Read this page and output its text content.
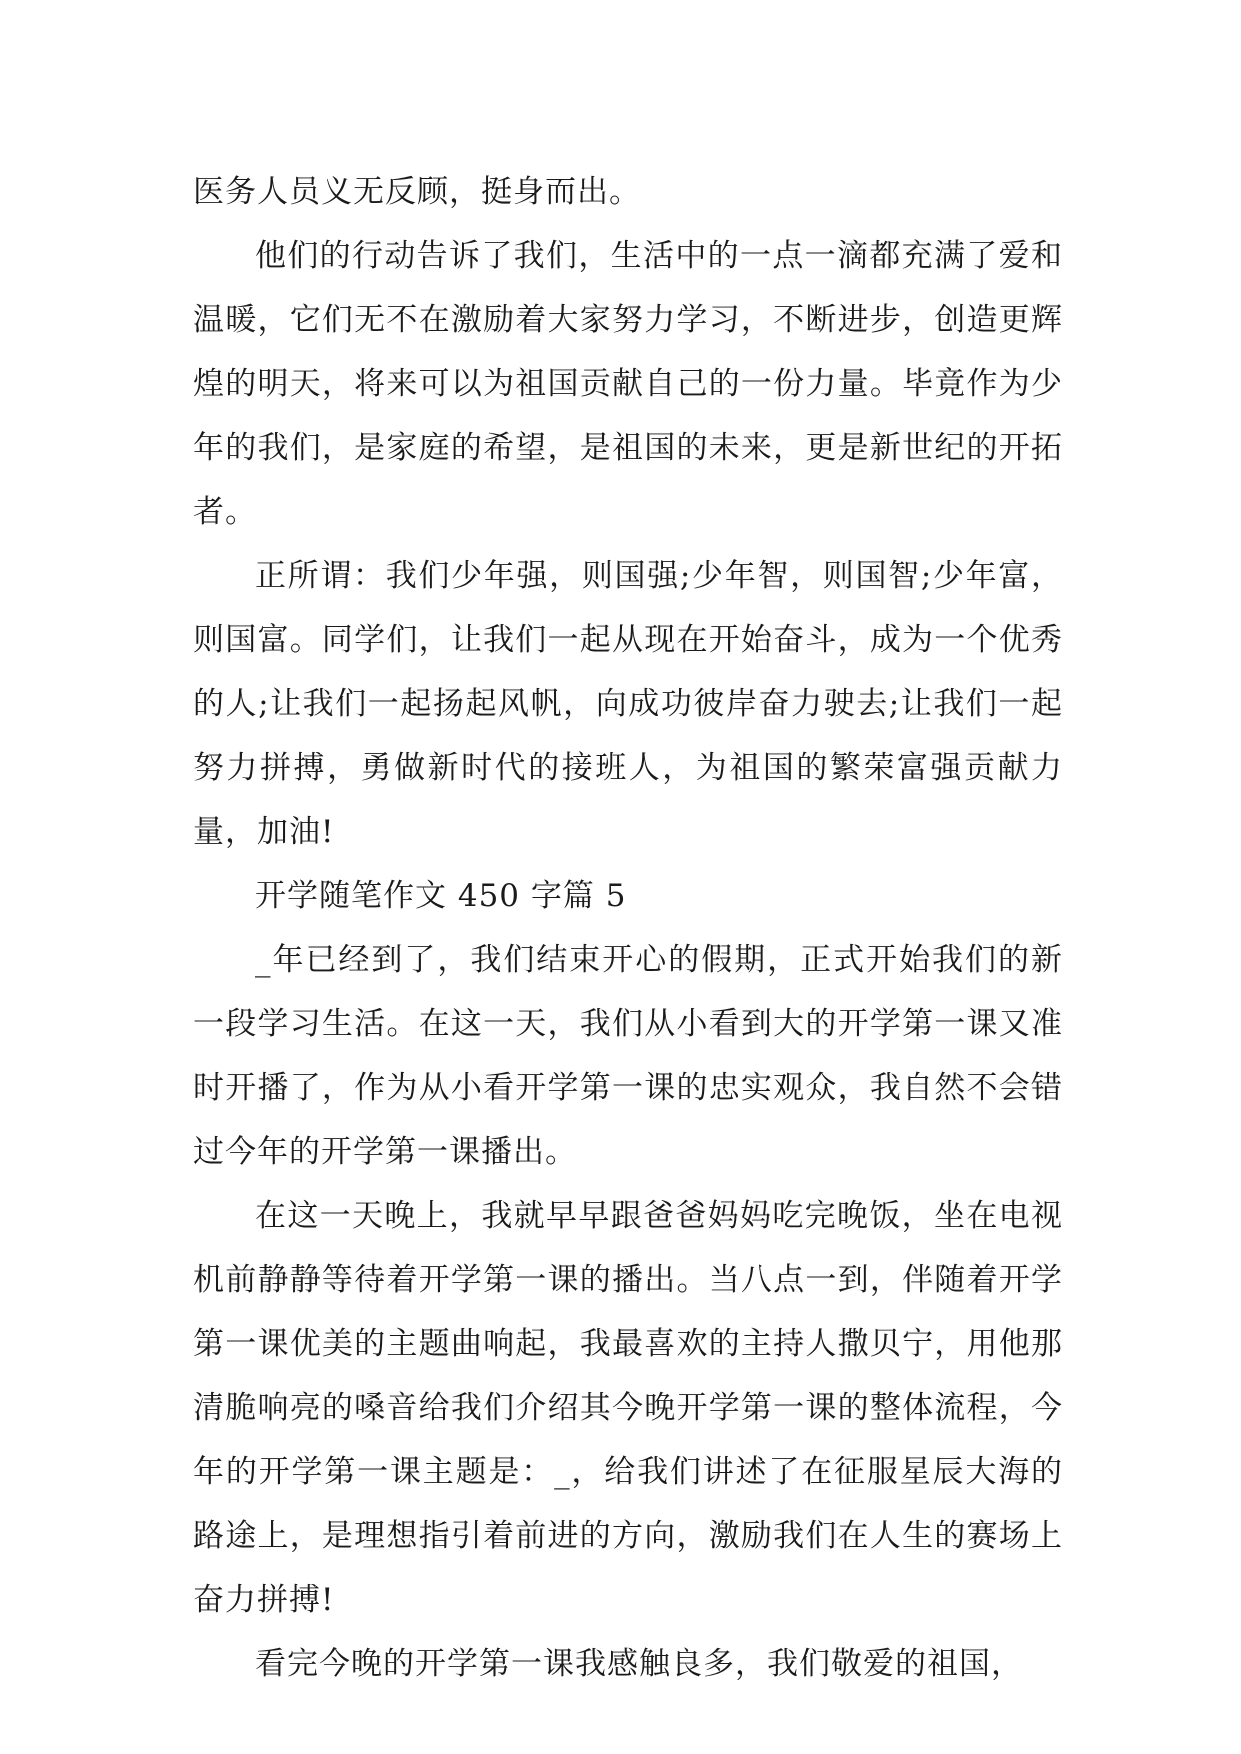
医务人员义无反顾，挺身而出。

他们的行动告诉了我们，生活中的一点一滴都充满了爱和温暖，它们无不在激励着大家努力学习，不断进步，创造更辉煌的明天，将来可以为祖国贡献自己的一份力量。毕竟作为少年的我们，是家庭的希望，是祖国的未来，更是新世纪的开拓者。

正所谓：我们少年强，则国强;少年智，则国智;少年富，则国富。同学们，让我们一起从现在开始奋斗，成为一个优秀的人;让我们一起扬起风帆，向成功彼岸奋力驶去;让我们一起努力拼搏，勇做新时代的接班人，为祖国的繁荣富强贡献力量，加油!

开学随笔作文 450 字篇 5

_年已经到了，我们结束开心的假期，正式开始我们的新一段学习生活。在这一天，我们从小看到大的开学第一课又准时开播了，作为从小看开学第一课的忠实观众，我自然不会错过今年的开学第一课播出。

在这一天晚上，我就早早跟爸爸妈妈吃完晚饭，坐在电视机前静静等待着开学第一课的播出。当八点一到，伴随着开学第一课优美的主题曲响起，我最喜欢的主持人撒贝宁，用他那清脆响亮的嗓音给我们介绍其今晚开学第一课的整体流程，今年的开学第一课主题是：_，给我们讲述了在征服星辰大海的路途上，是理想指引着前进的方向，激励我们在人生的赛场上奋力拼搏!

看完今晚的开学第一课我感触良多，我们敬爱的祖国，
